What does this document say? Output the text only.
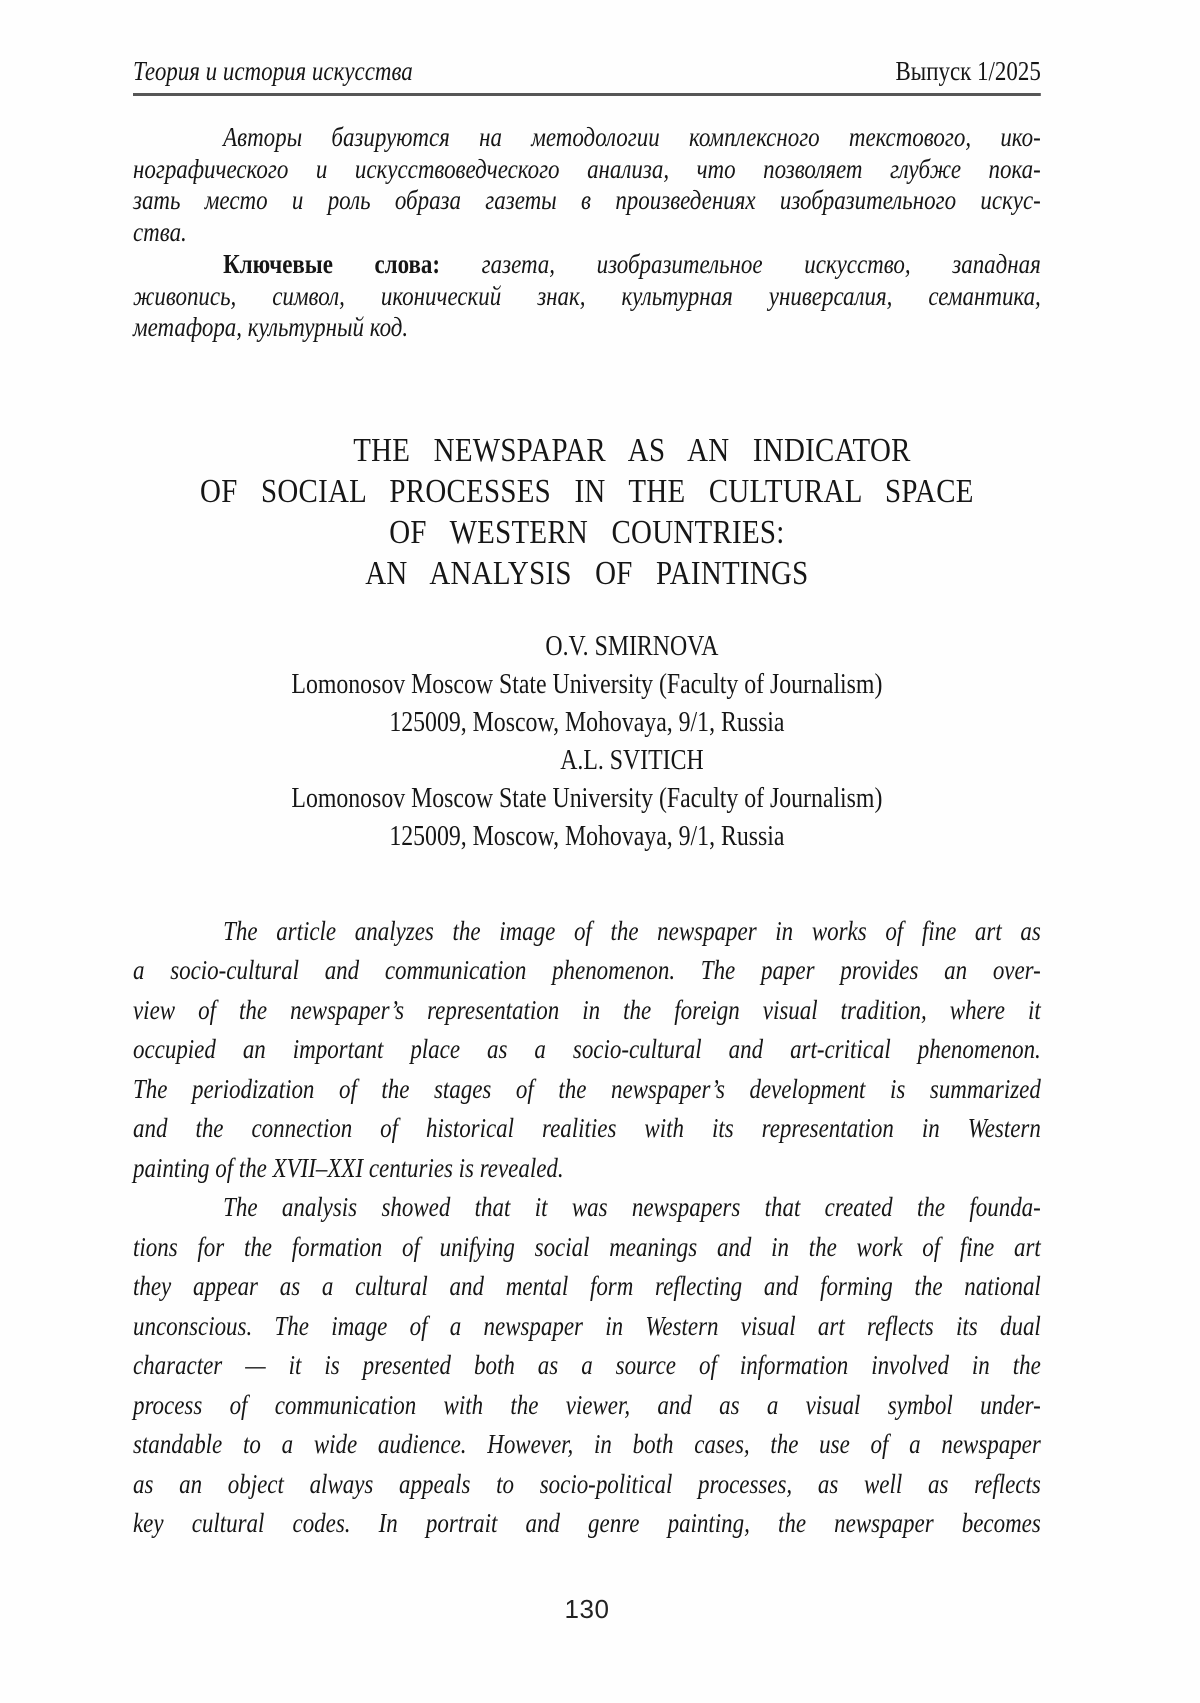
Теория и история искусства	Выпуск 1/2025
Авторы базируются на методологии комплексного текстового, ико-
нографического и искусствоведческого анализа, что позволяет глубже пока-
зать место и роль образа газеты в произведениях изобразительного искус-
ства.
Ключевые слова: газета, изобразительное искусство, западная
живопись, символ, иконический знак, культурная универсалия, семантика,
метафора, культурный код.
THE NEWSPAPAR AS AN INDICATOR
OF SOCIAL PROCESSES IN THE CULTURAL SPACE
OF WESTERN COUNTRIES:
AN ANALYSIS OF PAINTINGS
O.V. SMIRNOVA
Lomonosov Moscow State University (Faculty of Journalism)
125009, Moscow, Mohovaya, 9/1, Russia
A.L. SVITICH
Lomonosov Moscow State University (Faculty of Journalism)
125009, Moscow, Mohovaya, 9/1, Russia
The article analyzes the image of the newspaper in works of fine art as
a socio-cultural and communication phenomenon. The paper provides an over-
view of the newspaper’s representation in the foreign visual tradition, where it
occupied an important place as a socio-cultural and art-critical phenomenon.
The periodization of the stages of the newspaper’s development is summarized
and the connection of historical realities with its representation in Western
painting of the XVII–XXI centuries is revealed.
The analysis showed that it was newspapers that created the founda-
tions for the formation of unifying social meanings and in the work of fine art
they appear as a cultural and mental form reflecting and forming the national
unconscious. The image of a newspaper in Western visual art reflects its dual
character — it is presented both as a source of information involved in the
process of communication with the viewer, and as a visual symbol under-
standable to a wide audience. However, in both cases, the use of a newspaper
as an object always appeals to socio-political processes, as well as reflects
key cultural codes. In portrait and genre painting, the newspaper becomes
130
